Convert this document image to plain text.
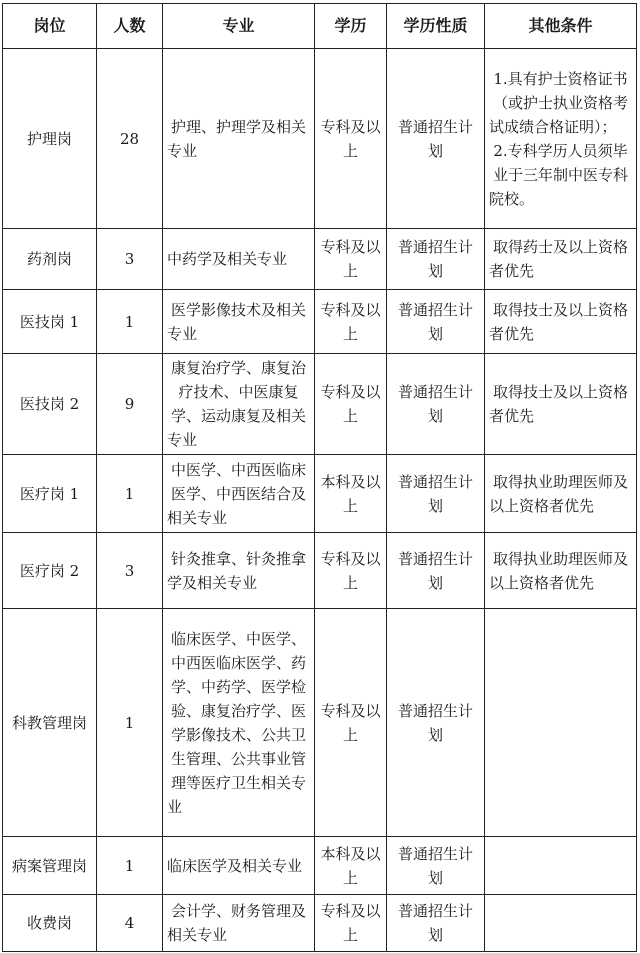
岗位	人数	专业	学历	学历性质	其他条件
护理岗	28	护理、护理学及相关专业	专科及以上	普通招生计划	1.具有护士资格证书（或护士执业资格考试成绩合格证明）；
2.专科学历人员须毕业于三年制中医专科院校。

药剂岗	3	中药学及相关专业	专科及以上	普通招生计划	取得药士及以上资格者优先
医技岗 1	1	医学影像技术及相关专业	专科及以上	普通招生计划	取得技士及以上资格者优先
医技岗 2	9	康复治疗学、康复治疗技术、中医康复学、运动康复及相关专业	专科及以上	普通招生计划	取得技士及以上资格者优先
医疗岗 1	1	中医学、中西医临床医学、中西医结合及相关专业	本科及以上	普通招生计划	取得执业助理医师及以上资格者优先
医疗岗 2	3	针灸推拿、针灸推拿学及相关专业	专科及以上	普通招生计划	取得执业助理医师及以上资格者优先
科教管理岗	1	临床医学、中医学、中西医临床医学、药学、中药学、医学检验、康复治疗学、医学影像技术、公共卫生管理、公共事业管理等医疗卫生相关专业	专科及以上	普通招生计划	
病案管理岗	1	临床医学及相关专业	本科及以上	普通招生计划	
收费岗	4	会计学、财务管理及相关专业	专科及以上	普通招生计划	
